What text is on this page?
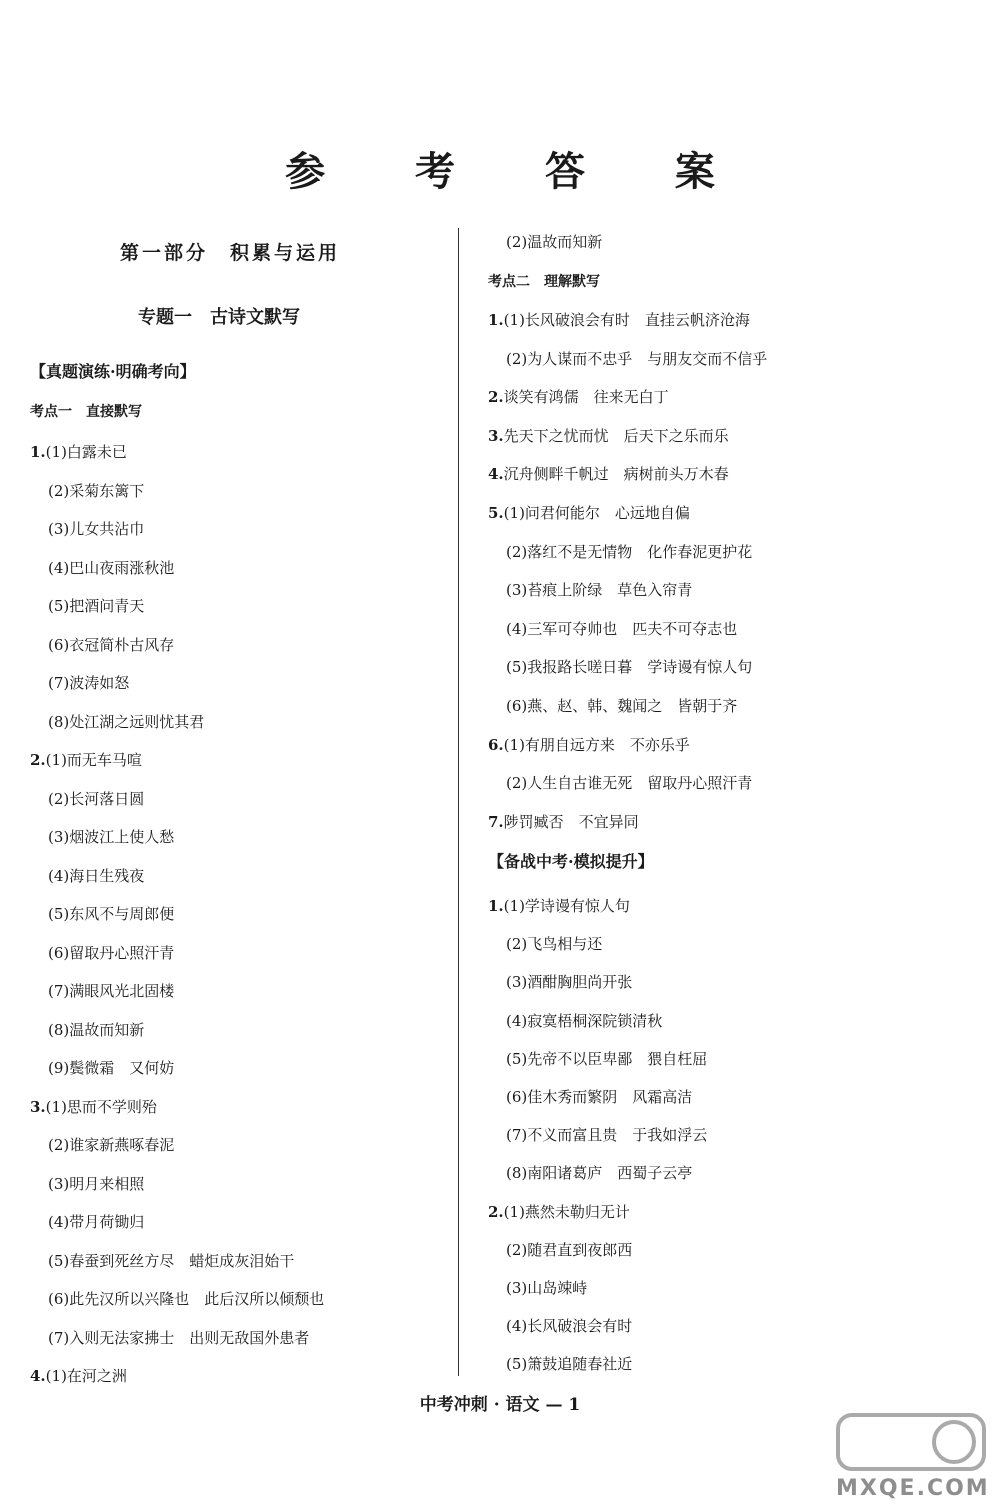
参 考 答 案
第一部分　积累与运用
专题一　古诗文默写
【真题演练·明确考向】
考点一　直接默写
1.(1)白露未已
(2)采菊东篱下
(3)儿女共沾巾
(4)巴山夜雨涨秋池
(5)把酒问青天
(6)衣冠简朴古风存
(7)波涛如怒
(8)处江湖之远则忧其君
2.(1)而无车马喧
(2)长河落日圆
(3)烟波江上使人愁
(4)海日生残夜
(5)东风不与周郎便
(6)留取丹心照汗青
(7)满眼风光北固楼
(8)温故而知新
(9)鬓微霜　又何妨
3.(1)思而不学则殆
(2)谁家新燕啄春泥
(3)明月来相照
(4)带月荷锄归
(5)春蚕到死丝方尽　蜡炬成灰泪始干
(6)此先汉所以兴隆也　此后汉所以倾颓也
(7)入则无法家拂士　出则无敌国外患者
4.(1)在河之洲
(2)温故而知新
考点二　理解默写
1.(1)长风破浪会有时　直挂云帆济沧海
(2)为人谋而不忠乎　与朋友交而不信乎
2.谈笑有鸿儒　往来无白丁
3.先天下之忧而忧　后天下之乐而乐
4.沉舟侧畔千帆过　病树前头万木春
5.(1)问君何能尔　心远地自偏
(2)落红不是无情物　化作春泥更护花
(3)苔痕上阶绿　草色入帘青
(4)三军可夺帅也　匹夫不可夺志也
(5)我报路长嗟日暮　学诗谩有惊人句
(6)燕、赵、韩、魏闻之　皆朝于齐
6.(1)有朋自远方来　不亦乐乎
(2)人生自古谁无死　留取丹心照汗青
7.陟罚臧否　不宜异同
【备战中考·模拟提升】
1.(1)学诗谩有惊人句
(2)飞鸟相与还
(3)酒酣胸胆尚开张
(4)寂寞梧桐深院锁清秋
(5)先帝不以臣卑鄙　猥自枉屈
(6)佳木秀而繁阴　风霜高洁
(7)不义而富且贵　于我如浮云
(8)南阳诸葛庐　西蜀子云亭
2.(1)燕然未勒归无计
(2)随君直到夜郎西
(3)山岛竦峙
(4)长风破浪会有时
(5)箫鼓追随春社近
中考冲刺 · 语文 — 1
MXQE.COM
